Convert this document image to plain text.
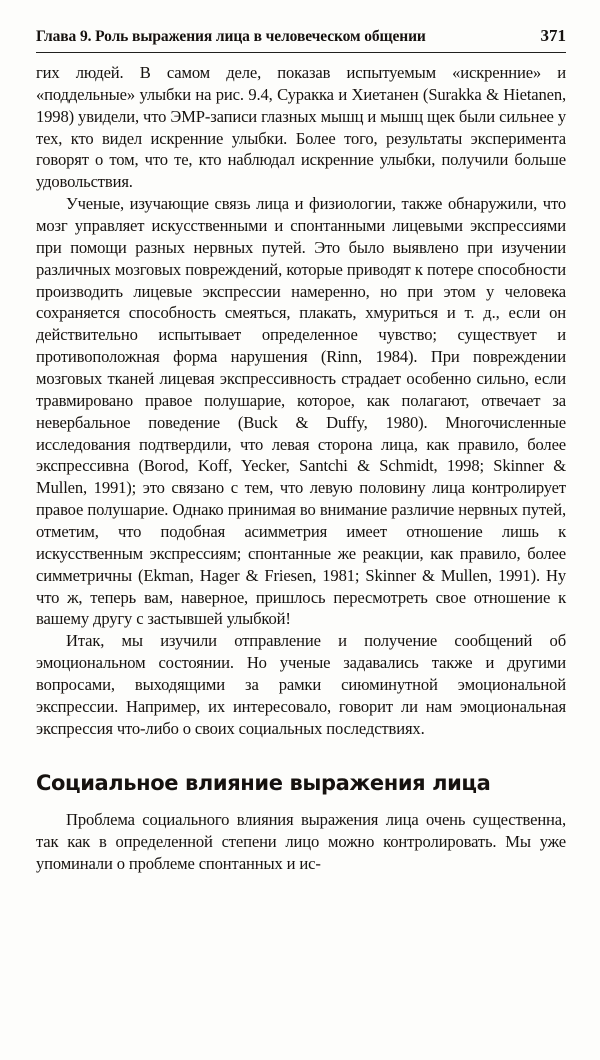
Глава 9. Роль выражения лица в человеческом общении	371

гих людей. В самом деле, показав испытуемым «искренние» и «поддельные» улыбки на рис. 9.4, Суракка и Хиетанен (Surakka & Hietanen, 1998) увидели, что ЭМР-записи глазных мышц и мышц щек были сильнее у тех, кто видел искренние улыбки. Более того, результаты эксперимента говорят о том, что те, кто наблюдал искренние улыбки, получили больше удовольствия.

Ученые, изучающие связь лица и физиологии, также обнаружили, что мозг управляет искусственными и спонтанными лицевыми экспрессиями при помощи разных нервных путей. Это было выявлено при изучении различных мозговых повреждений, которые приводят к потере способности производить лицевые экспрессии намеренно, но при этом у человека сохраняется способность смеяться, плакать, хмуриться и т. д., если он действительно испытывает определенное чувство; существует и противоположная форма нарушения (Rinn, 1984). При повреждении мозговых тканей лицевая экспрессивность страдает особенно сильно, если травмировано правое полушарие, которое, как полагают, отвечает за невербальное поведение (Buck & Duffy, 1980). Многочисленные исследования подтвердили, что левая сторона лица, как правило, более экспрессивна (Borod, Koff, Yecker, Santchi & Schmidt, 1998; Skinner & Mullen, 1991); это связано с тем, что левую половину лица контролирует правое полушарие. Однако принимая во внимание различие нервных путей, отметим, что подобная асимметрия имеет отношение лишь к искусственным экспрессиям; спонтанные же реакции, как правило, более симметричны (Ekman, Hager & Friesen, 1981; Skinner & Mullen, 1991). Ну что ж, теперь вам, наверное, пришлось пересмотреть свое отношение к вашему другу с застывшей улыбкой!

Итак, мы изучили отправление и получение сообщений об эмоциональном состоянии. Но ученые задавались также и другими вопросами, выходящими за рамки сиюминутной эмоциональной экспрессии. Например, их интересовало, говорит ли нам эмоциональная экспрессия что-либо о своих социальных последствиях.

Социальное влияние выражения лица

Проблема социального влияния выражения лица очень существенна, так как в определенной степени лицо можно контролировать. Мы уже упоминали о проблеме спонтанных и ис-
